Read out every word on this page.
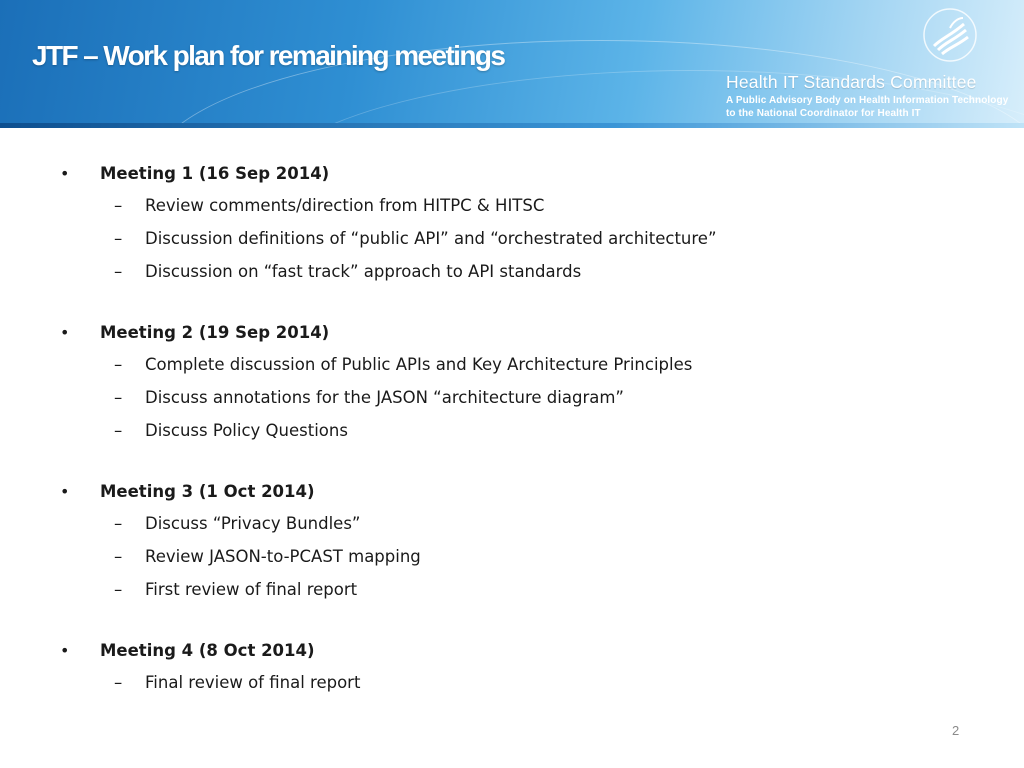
JTF – Work plan for remaining meetings
Health IT Standards Committee
A Public Advisory Body on Health Information Technology
to the National Coordinator for Health IT
• Meeting 1 (16 Sep 2014)
– Review comments/direction from HITPC & HITSC
– Discussion definitions of “public API” and “orchestrated architecture”
– Discussion on “fast track” approach to API standards
• Meeting 2 (19 Sep 2014)
– Complete discussion of Public APIs and Key Architecture Principles
– Discuss annotations for the JASON “architecture diagram”
– Discuss Policy Questions
• Meeting 3 (1 Oct 2014)
– Discuss “Privacy Bundles”
– Review JASON-to-PCAST mapping
– First review of final report
• Meeting 4 (8 Oct 2014)
– Final review of final report
2
